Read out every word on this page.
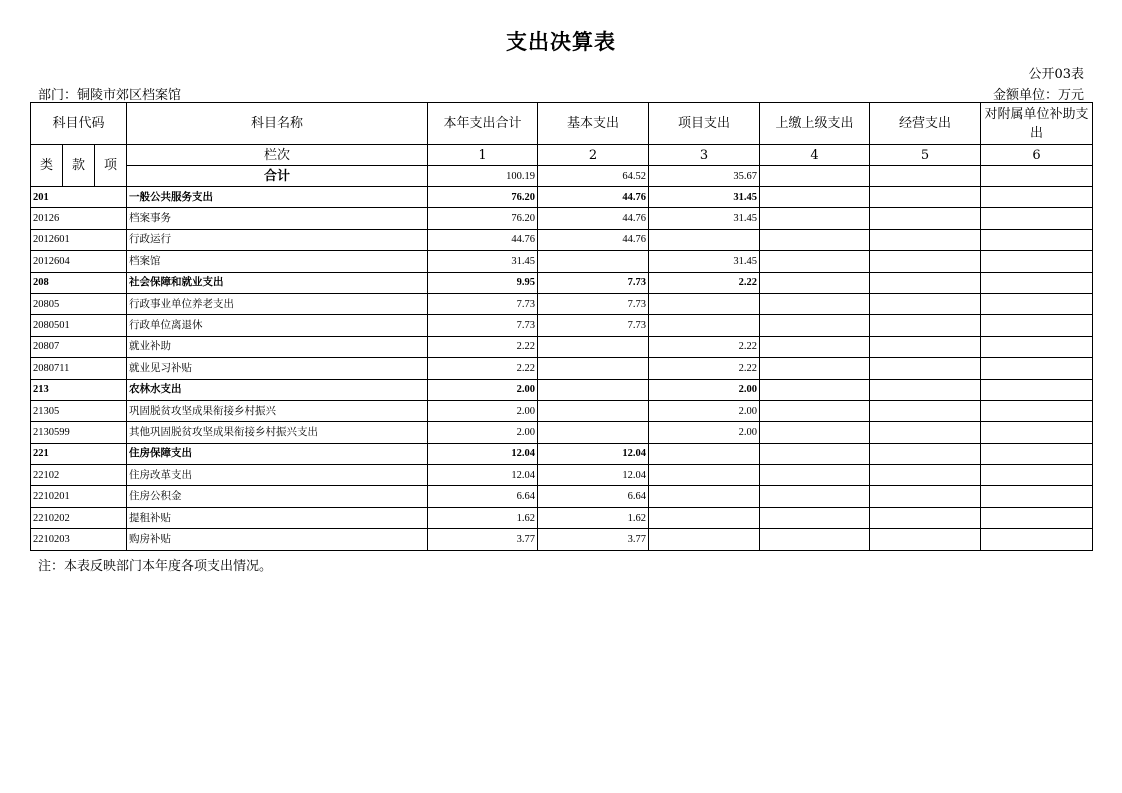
支出决算表
公开03表
部门：铜陵市郊区档案馆	金额单位：万元
科目代码			科目名称	本年支出合计	基本支出	项目支出	上缴上级支出	经营支出	对附属单位补助支出
类	款	项	栏次	1	2	3	4	5	6
			合计	100.19	64.52	35.67			
201			一般公共服务支出	76.20	44.76	31.45			
20126			档案事务	76.20	44.76	31.45			
2012601			行政运行	44.76	44.76				
2012604			档案馆	31.45		31.45			
208			社会保障和就业支出	9.95	7.73	2.22			
20805			行政事业单位养老支出	7.73	7.73				
2080501			行政单位离退休	7.73	7.73				
20807			就业补助	2.22		2.22			
2080711			就业见习补贴	2.22		2.22			
213			农林水支出	2.00		2.00			
21305			巩固脱贫攻坚成果衔接乡村振兴	2.00		2.00			
2130599			其他巩固脱贫攻坚成果衔接乡村振兴支出	2.00		2.00			
221			住房保障支出	12.04	12.04				
22102			住房改革支出	12.04	12.04				
2210201			住房公积金	6.64	6.64				
2210202			提租补贴	1.62	1.62				
2210203			购房补贴	3.77	3.77				
注：本表反映部门本年度各项支出情况。
